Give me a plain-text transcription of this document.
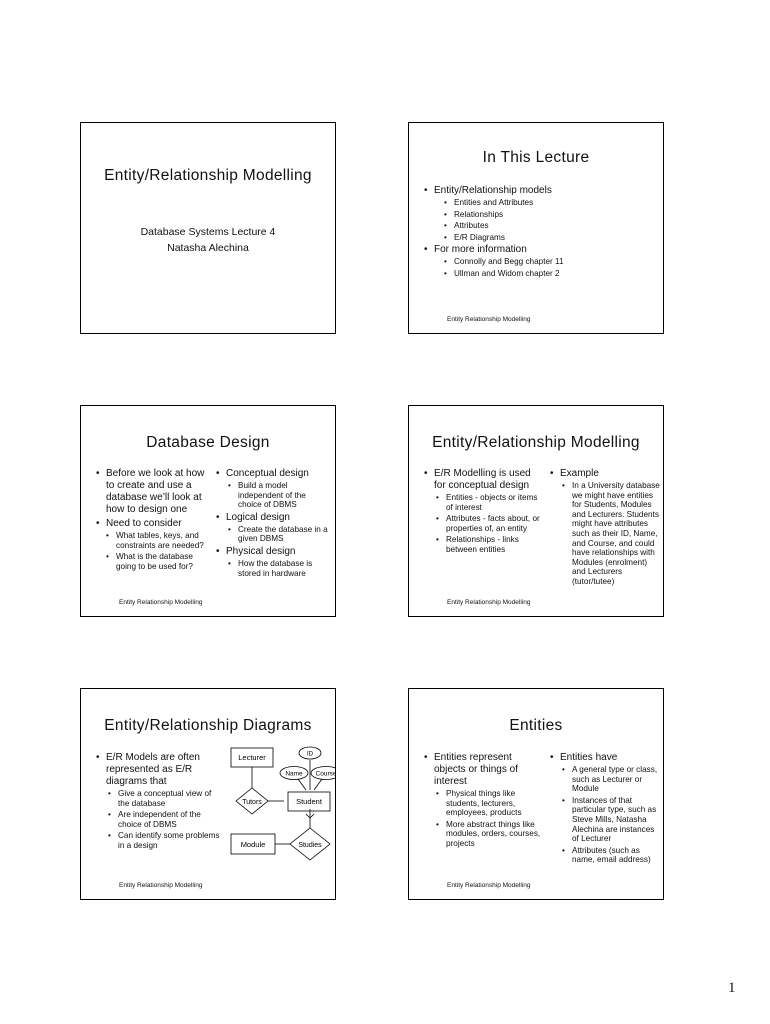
Entity/Relationship Modelling
Database Systems Lecture 4
Natasha Alechina
In This Lecture
• Entity/Relationship models
• Entities and Attributes
• Relationships
• Attributes
• E/R Diagrams
• For more information
• Connolly and Begg chapter 11
• Ullman and Widom chapter 2
Entity Relationship Modelling
Database Design
• Before we look at how to create and use a database we’ll look at how to design one
• Need to consider
• What tables, keys, and constraints are needed?
• What is the database going to be used for?
• Conceptual design
• Build a model independent of the choice of DBMS
• Logical design
• Create the database in a given DBMS
• Physical design
• How the database is stored in hardware
Entity Relationship Modelling
Entity/Relationship Modelling
• E/R Modelling is used for conceptual design
• Entities - objects or items of interest
• Attributes - facts about, or properties of, an entity
• Relationships - links between entities
• Example
• In a University database we might have entities for Students, Modules and Lecturers. Students might have attributes such as their ID, Name, and Course, and could have relationships with Modules (enrolment) and Lecturers (tutor/tutee)
Entity Relationship Modelling
Entity/Relationship Diagrams
• E/R Models are often represented as E/R diagrams that
• Give a conceptual view of the database
• Are independent of the choice of DBMS
• Can identify some problems in a design
Lecturer	ID
Name Course
Tutors	Student
Module	Studies
Entity Relationship Modelling
Entities
• Entities represent objects or things of interest
• Physical things like students, lecturers, employees, products
• More abstract things like modules, orders, courses, projects
• Entities have
• A general type or class, such as Lecturer or Module
• Instances of that particular type, such as Steve Mills, Natasha Alechina are instances of Lecturer
• Attributes (such as name, email address)
Entity Relationship Modelling
1
